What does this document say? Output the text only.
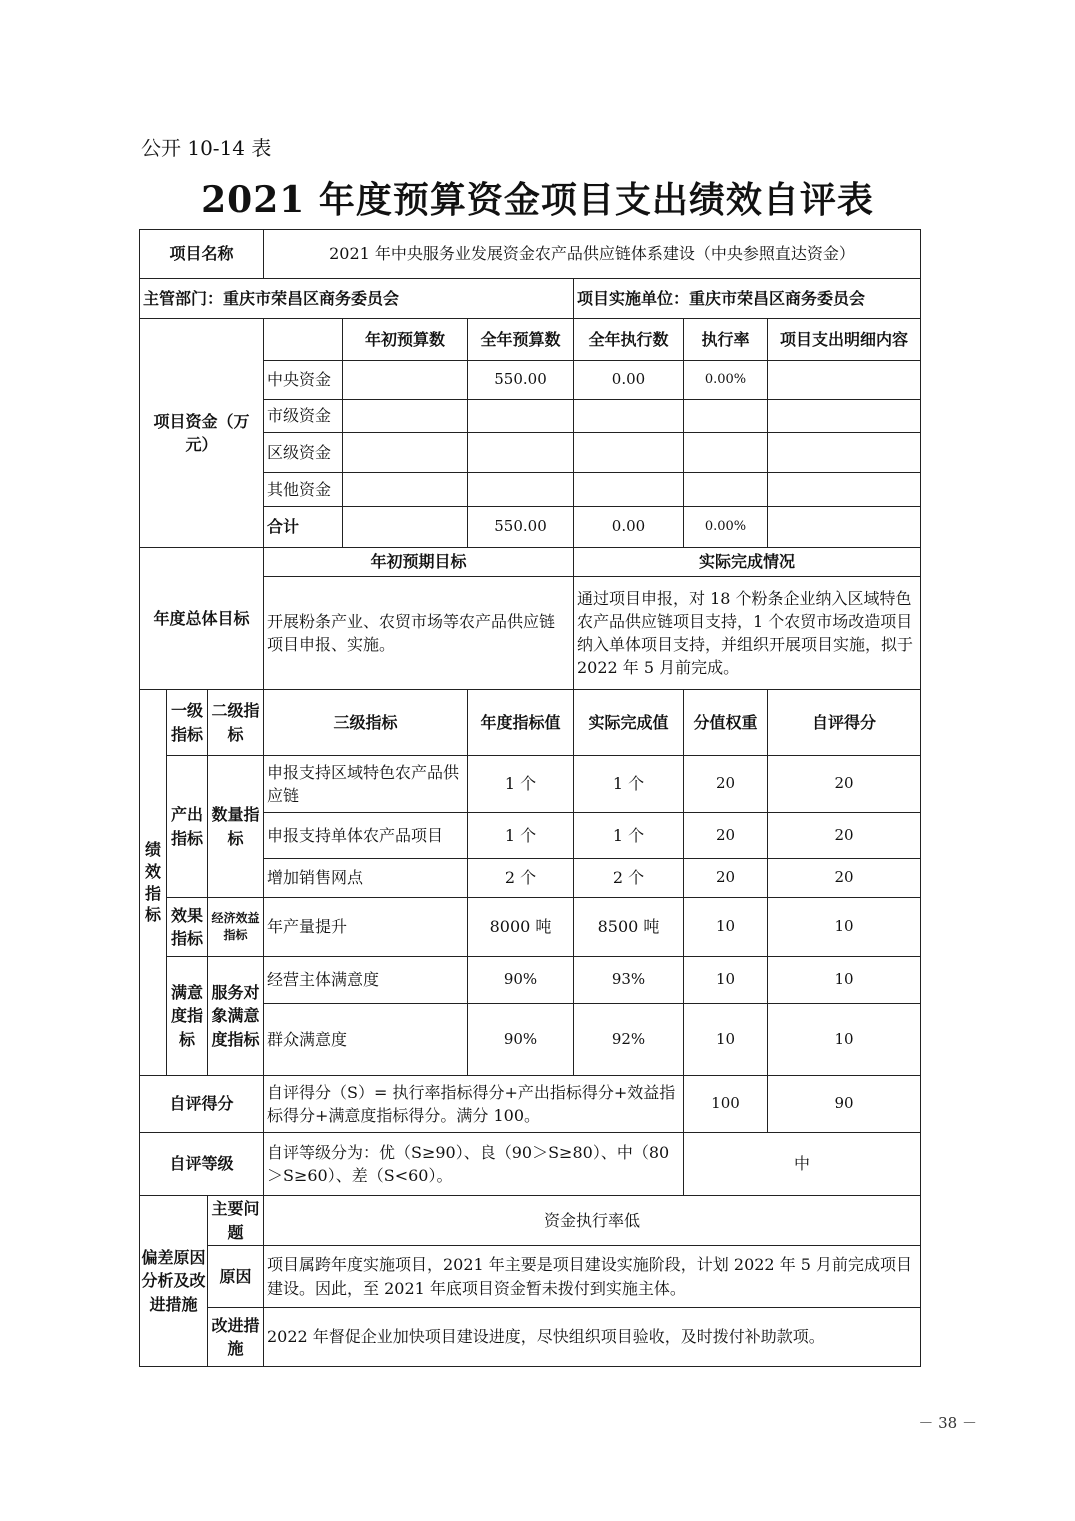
公开 10-14 表
2021 年度预算资金项目支出绩效自评表
项目名称			2021 年中央服务业发展资金农产品供应链体系建设（中央参照直达资金）					
主管部门：重庆市荣昌区商务委员会						项目实施单位：重庆市荣昌区商务委员会		
项目资金（万元）				年初预算数	全年预算数	全年执行数	执行率	项目支出明细内容
			中央资金		550.00	0.00	0.00%	
			市级资金					
			区级资金					
			其他资金					
			合计		550.00	0.00	0.00%	
年度总体目标			年初预期目标			实际完成情况		
			开展粉条产业、农贸市场等农产品供应链项目申报、实施。			通过项目申报，对 18 个粉条企业纳入区域特色农产品供应链项目支持，1 个农贸市场改造项目纳入单体项目支持，并组织开展项目实施，拟于 2022 年 5 月前完成。		

绩效指标	一级指标	二级指标	三级指标		年度指标值	实际完成值	分值权重	自评得分
	产出指标	数量指标	申报支持区域特色农产品供应链		1 个	1 个	20	20
			申报支持单体农产品项目		1 个	1 个	20	20
			增加销售网点		2 个	2 个	20	20
	效果指标	经济效益指标	年产量提升		8000 吨	8500 吨	10	10
	满意度指标	服务对象满意度指标	经营主体满意度		90%	93%	10	10
			群众满意度		90%	92%	10	10
自评得分			自评得分（S）= 执行率指标得分+产出指标得分+效益指标得分+满意度指标得分。满分 100。				100	90
自评等级			自评等级分为：优（S≥90）、良（90＞S≥80）、中（80＞S≥60）、差（S<60）。				中	
偏差原因分析及改进措施		主要问题	资金执行率低					
		原因	项目属跨年度实施项目，2021 年主要是项目建设实施阶段，计划 2022 年 5 月前完成项目建设。因此，至 2021 年底项目资金暂未拨付到实施主体。					
		改进措施	2022 年督促企业加快项目建设进度，尽快组织项目验收，及时拨付补助款项。					
－ 38 －
